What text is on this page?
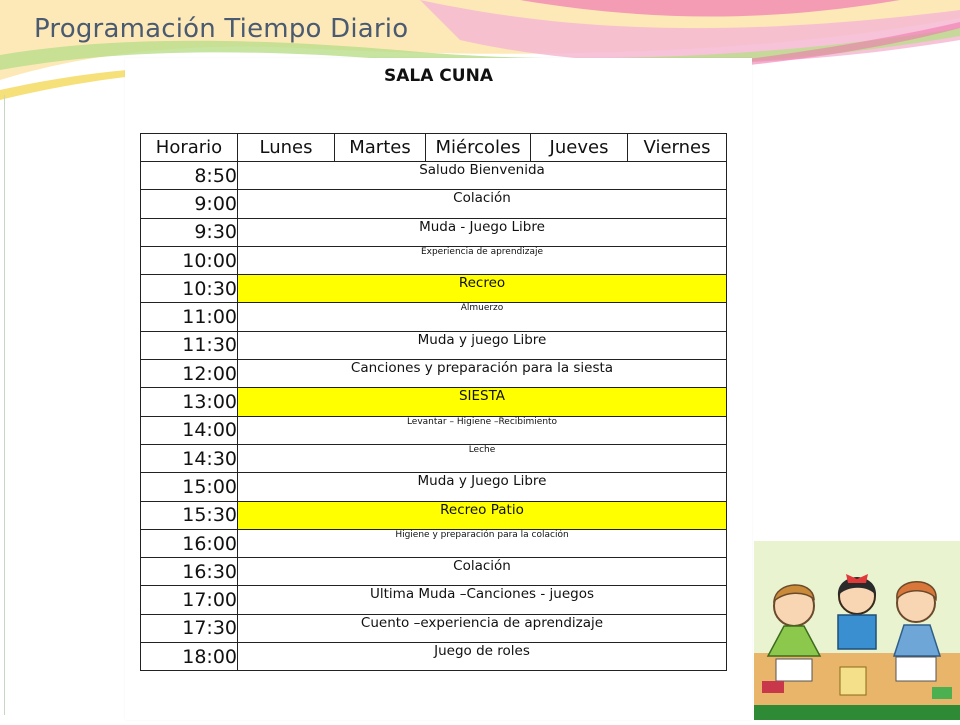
Programación Tiempo Diario
SALA CUNA
Horario	Lunes	Martes	Miércoles	Jueves	Viernes
8:50	Saludo Bienvenida				
9:00	Colación				
9:30	Muda - Juego Libre				
10:00	Experiencia de aprendizaje				
10:30	Recreo				
11:00	Almuerzo				
11:30	Muda y juego Libre				
12:00	Canciones y preparación para la siesta				
13:00	SIESTA				
14:00	Levantar – Higiene –Recibimiento				
14:30	Leche				
15:00	Muda y Juego Libre				
15:30	Recreo Patio				
16:00	Higiene y preparación para la colación				
16:30	Colación				
17:00	Ultima Muda –Canciones - juegos				
17:30	Cuento –experiencia de aprendizaje				
18:00	Juego de roles				
